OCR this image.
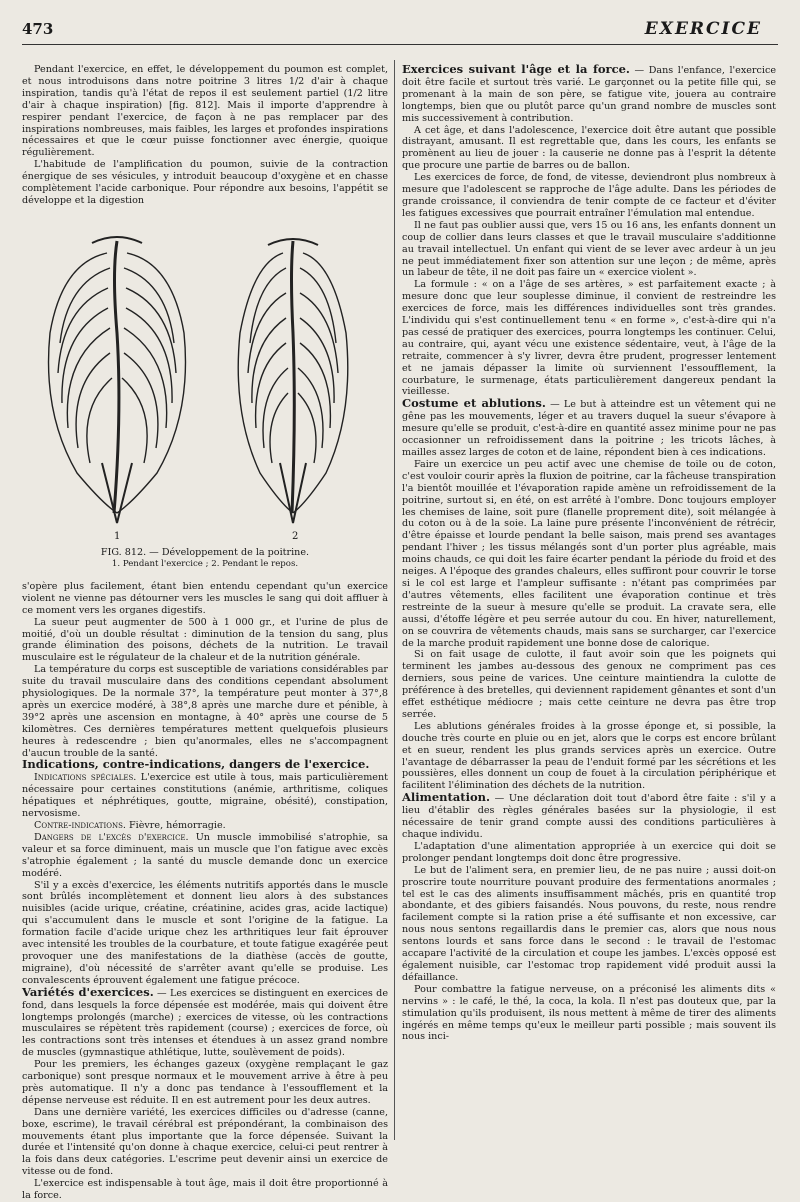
473	EXERCICE

Pendant l'exercice, en effet, le développement du poumon est complet, et nous introduisons dans notre poitrine 3 litres 1/2 d'air à chaque inspiration, tandis qu'à l'état de repos il est seulement partiel (1/2 litre d'air à chaque inspiration) [fig. 812]. Mais il importe d'apprendre à respirer pendant l'exercice, de façon à ne pas remplacer par des inspirations nombreuses, mais faibles, les larges et profondes inspirations nécessaires et que le cœur puisse fonctionner avec énergie, quoique régulièrement.

L'habitude de l'amplification du poumon, suivie de la contraction énergique de ses vésicules, y introduit beaucoup d'oxygène et en chasse complètement l'acide carbonique. Pour répondre aux besoins, l'appétit se développe et la digestion

1	2
FIG. 812. — Développement de la poitrine.
1. Pendant l'exercice ; 2. Pendant le repos.

s'opère plus facilement, étant bien entendu cependant qu'un exercice violent ne vienne pas détourner vers les muscles le sang qui doit affluer à ce moment vers les organes digestifs.

La sueur peut augmenter de 500 à 1 000 gr., et l'urine de plus de moitié, d'où un double résultat : diminution de la tension du sang, plus grande élimination des poisons, déchets de la nutrition. Le travail musculaire est le régulateur de la chaleur et de la nutrition générale.

La température du corps est susceptible de variations considérables par suite du travail musculaire dans des conditions cependant absolument physiologiques. De la normale 37°, la température peut monter à 37°,8 après un exercice modéré, à 38°,8 après une marche dure et pénible, à 39°2 après une ascension en montagne, à 40° après une course de 5 kilomètres. Ces dernières températures mettent quelquefois plusieurs heures à redescendre ; bien qu'anormales, elles ne s'accompagnent d'aucun trouble de la santé.

Indications, contre-indications, dangers de l'exercice.

Indications spéciales. L'exercice est utile à tous, mais particulièrement nécessaire pour certaines constitutions (anémie, arthritisme, coliques hépatiques et néphrétiques, goutte, migraine, obésité), constipation, nervosisme.

Contre-indications. Fièvre, hémorragie.

Dangers de l'excès d'exercice. Un muscle immobilisé s'atrophie, sa valeur et sa force diminuent, mais un muscle que l'on fatigue avec excès s'atrophie également ; la santé du muscle demande donc un exercice modéré.

S'il y a excès d'exercice, les éléments nutritifs apportés dans le muscle sont brûlés incomplètement et donnent lieu alors à des substances nuisibles (acide urique, créatine, créatinine, acides gras, acide lactique) qui s'accumulent dans le muscle et sont l'origine de la fatigue. La formation facile d'acide urique chez les arthritiques leur fait éprouver avec intensité les troubles de la courbature, et toute fatigue exagérée peut provoquer une des manifestations de la diathèse (accès de goutte, migraine), d'où nécessité de s'arrêter avant qu'elle se produise. Les convalescents éprouvent également une fatigue précoce.

Variétés d'exercices. — Les exercices se distinguent en exercices de fond, dans lesquels la force dépensée est modérée, mais qui doivent être longtemps prolongés (marche) ; exercices de vitesse, où les contractions musculaires se répètent très rapidement (course) ; exercices de force, où les contractions sont très intenses et étendues à un assez grand nombre de muscles (gymnastique athlétique, lutte, soulèvement de poids).

Pour les premiers, les échanges gazeux (oxygène remplaçant le gaz carbonique) sont presque normaux et le mouvement arrive à être à peu près automatique. Il n'y a donc pas tendance à l'essoufflement et la dépense nerveuse est réduite. Il en est autrement pour les deux autres.

Dans une dernière variété, les exercices difficiles ou d'adresse (canne, boxe, escrime), le travail cérébral est prépondérant, la combinaison des mouvements étant plus importante que la force dépensée. Suivant la durée et l'intensité qu'on donne à chaque exercice, celui-ci peut rentrer à la fois dans deux catégories. L'escrime peut devenir ainsi un exercice de vitesse ou de fond.

L'exercice est indispensable à tout âge, mais il doit être proportionné à la force.

Exercices suivant l'âge et la force. — Dans l'enfance, l'exercice doit être facile et surtout très varié. Le garçonnet ou la petite fille qui, se promenant à la main de son père, se fatigue vite, jouera au contraire longtemps, bien que ou plutôt parce qu'un grand nombre de muscles sont mis successivement à contribution.

A cet âge, et dans l'adolescence, l'exercice doit être autant que possible distrayant, amusant. Il est regrettable que, dans les cours, les enfants se promènent au lieu de jouer : la causerie ne donne pas à l'esprit la détente que procure une partie de barres ou de ballon.

Les exercices de force, de fond, de vitesse, deviendront plus nombreux à mesure que l'adolescent se rapproche de l'âge adulte. Dans les périodes de grande croissance, il conviendra de tenir compte de ce facteur et d'éviter les fatigues excessives que pourrait entraîner l'émulation mal entendue.

Il ne faut pas oublier aussi que, vers 15 ou 16 ans, les enfants donnent un coup de collier dans leurs classes et que le travail musculaire s'additionne au travail intellectuel. Un enfant qui vient de se lever avec ardeur à un jeu ne peut immédiatement fixer son attention sur une leçon ; de même, après un labeur de tête, il ne doit pas faire un « exercice violent ».

La formule : « on a l'âge de ses artères, » est parfaitement exacte ; à mesure donc que leur souplesse diminue, il convient de restreindre les exercices de force, mais les différences individuelles sont très grandes. L'individu qui s'est continuellement tenu « en forme », c'est-à-dire qui n'a pas cessé de pratiquer des exercices, pourra longtemps les continuer. Celui, au contraire, qui, ayant vécu une existence sédentaire, veut, à l'âge de la retraite, commencer à s'y livrer, devra être prudent, progresser lentement et ne jamais dépasser la limite où surviennent l'essoufflement, la courbature, le surmenage, états particulièrement dangereux pendant la vieillesse.

Costume et ablutions. — Le but à atteindre est un vêtement qui ne gêne pas les mouvements, léger et au travers duquel la sueur s'évapore à mesure qu'elle se produit, c'est-à-dire en quantité assez minime pour ne pas occasionner un refroidissement dans la poitrine ; les tricots lâches, à mailles assez larges de coton et de laine, répondent bien à ces indications.

Faire un exercice un peu actif avec une chemise de toile ou de coton, c'est vouloir courir après la fluxion de poitrine, car la fâcheuse transpiration l'a bientôt mouillée et l'évaporation rapide amène un refroidissement de la poitrine, surtout si, en été, on est arrêté à l'ombre. Donc toujours employer les chemises de laine, soit pure (flanelle proprement dite), soit mélangée à du coton ou à de la soie. La laine pure présente l'inconvénient de rétrécir, d'être épaisse et lourde pendant la belle saison, mais prend ses avantages pendant l'hiver ; les tissus mélangés sont d'un porter plus agréable, mais moins chauds, ce qui doit les faire écarter pendant la période du froid et des neiges. A l'époque des grandes chaleurs, elles suffiront pour couvrir le torse si le col est large et l'ampleur suffisante : n'étant pas comprimées par d'autres vêtements, elles facilitent une évaporation continue et très restreinte de la sueur à mesure qu'elle se produit. La cravate sera, elle aussi, d'étoffe légère et peu serrée autour du cou. En hiver, naturellement, on se couvrira de vêtements chauds, mais sans se surcharger, car l'exercice de la marche produit rapidement une bonne dose de calorique.

Si on fait usage de culotte, il faut avoir soin que les poignets qui terminent les jambes au-dessous des genoux ne compriment pas ces derniers, sous peine de varices. Une ceinture maintiendra la culotte de préférence à des bretelles, qui deviennent rapidement gênantes et sont d'un effet esthétique médiocre ; mais cette ceinture ne devra pas être trop serrée.

Les ablutions générales froides à la grosse éponge et, si possible, la douche très courte en pluie ou en jet, alors que le corps est encore brûlant et en sueur, rendent les plus grands services après un exercice. Outre l'avantage de débarrasser la peau de l'enduit formé par les sécrétions et les poussières, elles donnent un coup de fouet à la circulation périphérique et facilitent l'élimination des déchets de la nutrition.

Alimentation. — Une déclaration doit tout d'abord être faite : s'il y a lieu d'établir des règles générales basées sur la physiologie, il est nécessaire de tenir grand compte aussi des conditions particulières à chaque individu.

L'adaptation d'une alimentation appropriée à un exercice qui doit se prolonger pendant longtemps doit donc être progressive.

Le but de l'aliment sera, en premier lieu, de ne pas nuire ; aussi doit-on proscrire toute nourriture pouvant produire des fermentations anormales ; tel est le cas des aliments insuffisamment mâchés, pris en quantité trop abondante, et des gibiers faisandés. Nous pouvons, du reste, nous rendre facilement compte si la ration prise a été suffisante et non excessive, car nous nous sentons regaillardis dans le premier cas, alors que nous nous sentons lourds et sans force dans le second : le travail de l'estomac accapare l'activité de la circulation et coupe les jambes. L'excès opposé est également nuisible, car l'estomac trop rapidement vidé produit aussi la défaillance.

Pour combattre la fatigue nerveuse, on a préconisé les aliments dits « nervins » : le café, le thé, la coca, la kola. Il n'est pas douteux que, par la stimulation qu'ils produisent, ils nous mettent à même de tirer des aliments ingérés en même temps qu'eux le meilleur parti possible ; mais souvent ils nous inci-
